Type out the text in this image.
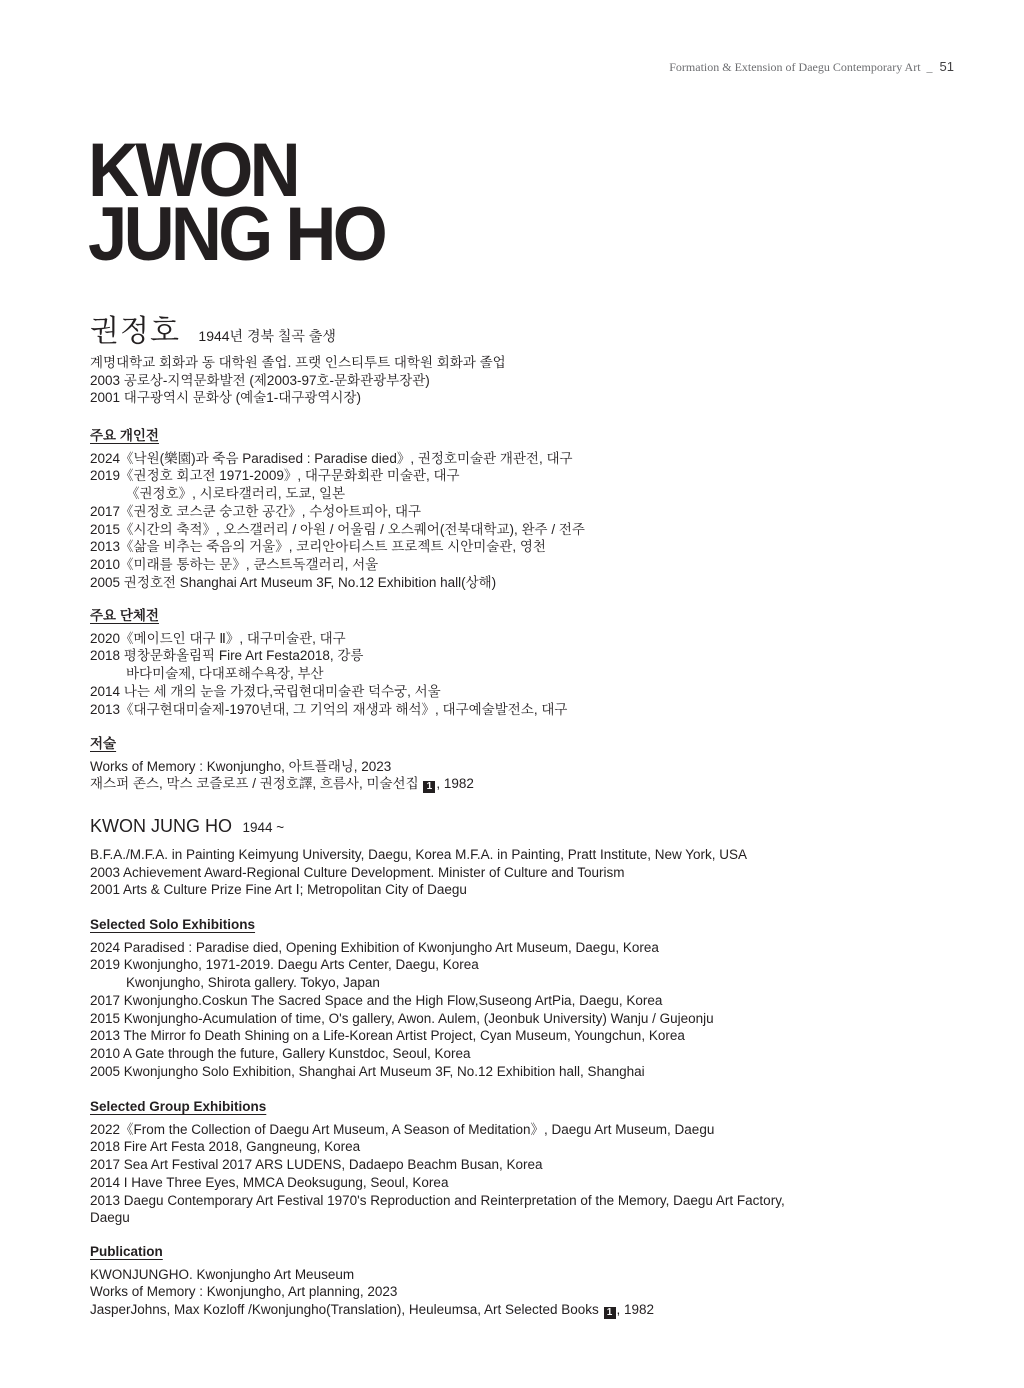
Formation & Extension of Daegu Contemporary Art _ 51
KWON
JUNG HO
권정호 1944년 경북 칠곡 출생
계명대학교 회화과 동 대학원 졸업. 프랫 인스티투트 대학원 회화과 졸업
2003 공로상-지역문화발전 (제2003-97호-문화관광부장관)
2001 대구광역시 문화상 (예술1-대구광역시장)
주요 개인전
2024《낙원(樂園)과 죽음 Paradised : Paradise died》, 권정호미술관 개관전, 대구
2019《권정호 회고전 1971-2009》, 대구문화회관 미술관, 대구
《권정호》, 시로타갤러리, 도쿄, 일본
2017《권정호 코스쿤 숭고한 공간》, 수성아트피아, 대구
2015《시간의 축적》, 오스갤러리 / 아원 / 어울림 / 오스퀘어(전북대학교), 완주 / 전주
2013《삶을 비추는 죽음의 거울》, 코리안아티스트 프로젝트 시안미술관, 영천
2010《미래를 통하는 문》, 쿤스트독갤러리, 서울
2005 권정호전 Shanghai Art Museum 3F, No.12 Exhibition hall(상해)
주요 단체전
2020《메이드인 대구 Ⅱ》, 대구미술관, 대구
2018 평창문화올림픽 Fire Art Festa2018, 강릉
바다미술제, 다대포해수욕장, 부산
2014 나는 세 개의 눈을 가졌다,국립현대미술관 덕수궁, 서울
2013《대구현대미술제-1970년대, 그 기억의 재생과 해석》, 대구예술발전소, 대구
저술
Works of Memory : Kwonjungho, 아트플래닝, 2023
재스퍼 존스, 막스 코즐로프 / 권정호譯, 흐름사, 미술선집 1 , 1982
KWON JUNG HO 1944 ~
B.F.A./M.F.A. in Painting Keimyung University, Daegu, Korea M.F.A. in Painting, Pratt Institute, New York, USA
2003 Achievement Award-Regional Culture Development. Minister of Culture and Tourism
2001 Arts & Culture Prize Fine Art Ⅰ; Metropolitan City of Daegu
Selected Solo Exhibitions
2024 Paradised : Paradise died, Opening Exhibition of Kwonjungho Art Museum, Daegu, Korea
2019 Kwonjungho, 1971-2019. Daegu Arts Center, Daegu, Korea
Kwonjungho, Shirota gallery. Tokyo, Japan
2017 Kwonjungho.Coskun The Sacred Space and the High Flow,Suseong ArtPia, Daegu, Korea
2015 Kwonjungho-Acumulation of time, O's gallery, Awon. Aulem, (Jeonbuk University) Wanju / Gujeonju
2013 The Mirror fo Death Shining on a Life-Korean Artist Project, Cyan Museum, Youngchun, Korea
2010 A Gate through the future, Gallery Kunstdoc, Seoul, Korea
2005 Kwonjungho Solo Exhibition, Shanghai Art Museum 3F, No.12 Exhibition hall, Shanghai
Selected Group Exhibitions
2022《From the Collection of Daegu Art Museum, A Season of Meditation》, Daegu Art Museum, Daegu
2018 Fire Art Festa 2018, Gangneung, Korea
2017 Sea Art Festival 2017 ARS LUDENS, Dadaepo Beachm Busan, Korea
2014 I Have Three Eyes, MMCA Deoksugung, Seoul, Korea
2013 Daegu Contemporary Art Festival 1970's Reproduction and Reinterpretation of the Memory, Daegu Art Factory,
Daegu
Publication
KWONJUNGHO. Kwonjungho Art Meuseum
Works of Memory : Kwonjungho, Art planning, 2023
JasperJohns, Max Kozloff /Kwonjungho(Translation), Heuleumsa, Art Selected Books 1 , 1982
